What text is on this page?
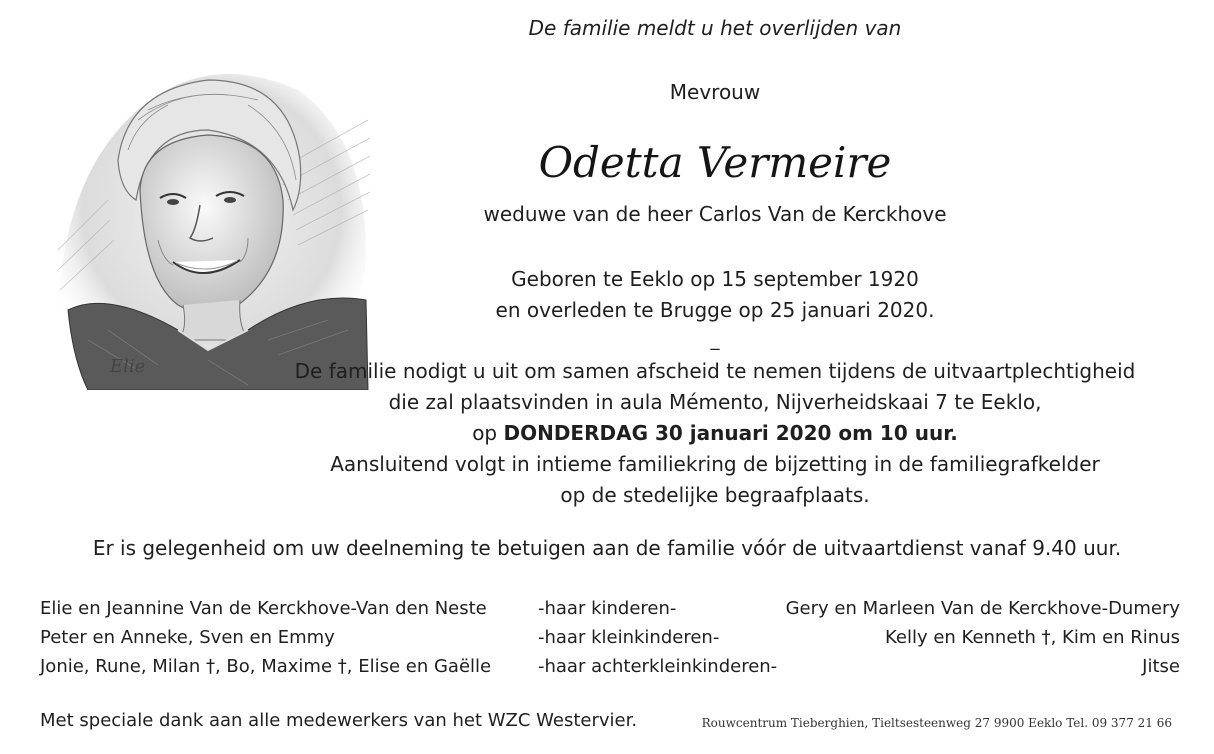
Elie
De familie meldt u het overlijden van
Mevrouw
Odetta Vermeire
weduwe van de heer Carlos Van de Kerckhove
Geboren te Eeklo op 15 september 1920
en overleden te Brugge op 25 januari 2020.
_
De familie nodigt u uit om samen afscheid te nemen tijdens de uitvaartplechtigheid
die zal plaatsvinden in aula Mémento, Nijverheidskaai 7 te Eeklo,
op DONDERDAG 30 januari 2020 om 10 uur.
Aansluitend volgt in intieme familiekring de bijzetting in de familiegrafkelder
op de stedelijke begraafplaats.
Er is gelegenheid om uw deelneming te betuigen aan de familie vóór de uitvaartdienst vanaf 9.40 uur.
Elie en Jeannine Van de Kerckhove-Van den Neste	-haar kinderen-	Gery en Marleen Van de Kerckhove-Dumery
Peter en Anneke, Sven en Emmy	-haar kleinkinderen-	Kelly en Kenneth †, Kim en Rinus
Jonie, Rune, Milan †, Bo, Maxime †, Elise en Gaëlle	-haar achterkleinkinderen-	Jitse
Met speciale dank aan alle medewerkers van het WZC Westervier.	Rouwcentrum Tieberghien, Tieltsesteenweg 27 9900 Eeklo Tel. 09 377 21 66
